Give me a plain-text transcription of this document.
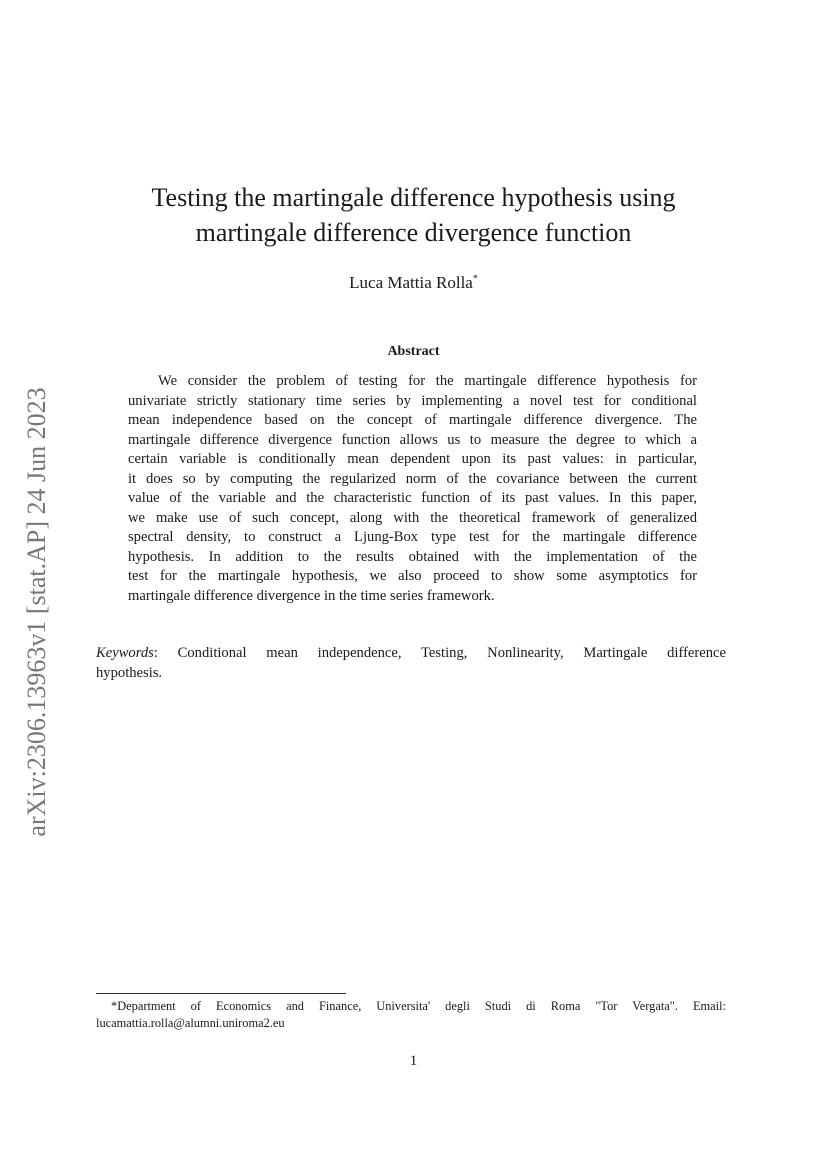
arXiv:2306.13963v1 [stat.AP] 24 Jun 2023
Testing the martingale difference hypothesis using
martingale difference divergence function
Luca Mattia Rolla*
Abstract
We consider the problem of testing for the martingale difference hypothesis for
univariate strictly stationary time series by implementing a novel test for conditional
mean independence based on the concept of martingale difference divergence. The
martingale difference divergence function allows us to measure the degree to which a
certain variable is conditionally mean dependent upon its past values: in particular,
it does so by computing the regularized norm of the covariance between the current
value of the variable and the characteristic function of its past values. In this paper,
we make use of such concept, along with the theoretical framework of generalized
spectral density, to construct a Ljung-Box type test for the martingale difference
hypothesis. In addition to the results obtained with the implementation of the
test for the martingale hypothesis, we also proceed to show some asymptotics for
martingale difference divergence in the time series framework.
Keywords: Conditional mean independence, Testing, Nonlinearity, Martingale difference
hypothesis.
*Department of Economics and Finance, Universita' degli Studi di Roma "Tor Vergata". Email:
lucamattia.rolla@alumni.uniroma2.eu
1
